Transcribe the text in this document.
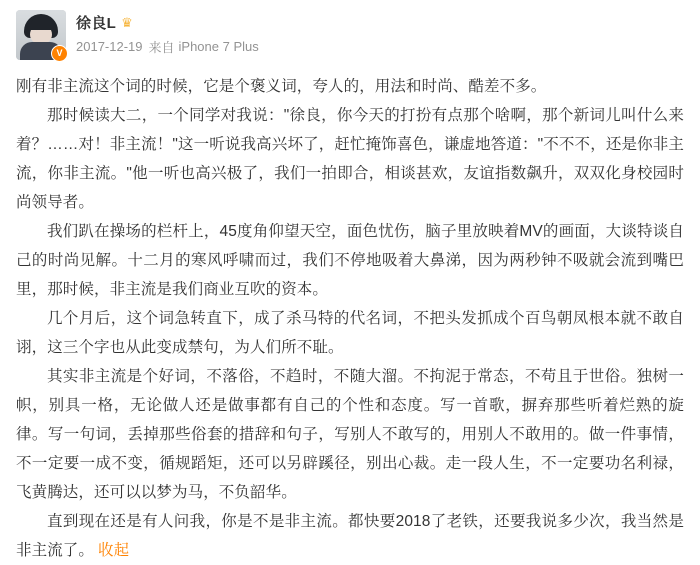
V
徐良L ♛
2017-12-19 来自 iPhone 7 Plus

刚有非主流这个词的时候，它是个褒义词，夸人的，用法和时尚、酷差不多。

那时候读大二，一个同学对我说："徐良，你今天的打扮有点那个啥啊，那个新词儿叫什么来着？……对！非主流！"这一听说我高兴坏了，赶忙掩饰喜色，谦虚地答道："不不不，还是你非主流，你非主流。"他一听也高兴极了，我们一拍即合，相谈甚欢，友谊指数飙升，双双化身校园时尚领导者。

我们趴在操场的栏杆上，45度角仰望天空，面色忧伤，脑子里放映着MV的画面，大谈特谈自己的时尚见解。十二月的寒风呼啸而过，我们不停地吸着大鼻涕，因为两秒钟不吸就会流到嘴巴里，那时候，非主流是我们商业互吹的资本。

几个月后，这个词急转直下，成了杀马特的代名词，不把头发抓成个百鸟朝凤根本就不敢自诩，这三个字也从此变成禁句，为人们所不耻。

其实非主流是个好词，不落俗，不趋时，不随大溜。不拘泥于常态，不苟且于世俗。独树一帜，别具一格，无论做人还是做事都有自己的个性和态度。写一首歌，摒弃那些听着烂熟的旋律。写一句词，丢掉那些俗套的措辞和句子，写别人不敢写的，用别人不敢用的。做一件事情，不一定要一成不变，循规蹈矩，还可以另辟蹊径，别出心裁。走一段人生，不一定要功名利禄，飞黄腾达，还可以以梦为马，不负韶华。

直到现在还是有人问我，你是不是非主流。都快要2018了老铁，还要我说多少次，我当然是非主流了。 收起
